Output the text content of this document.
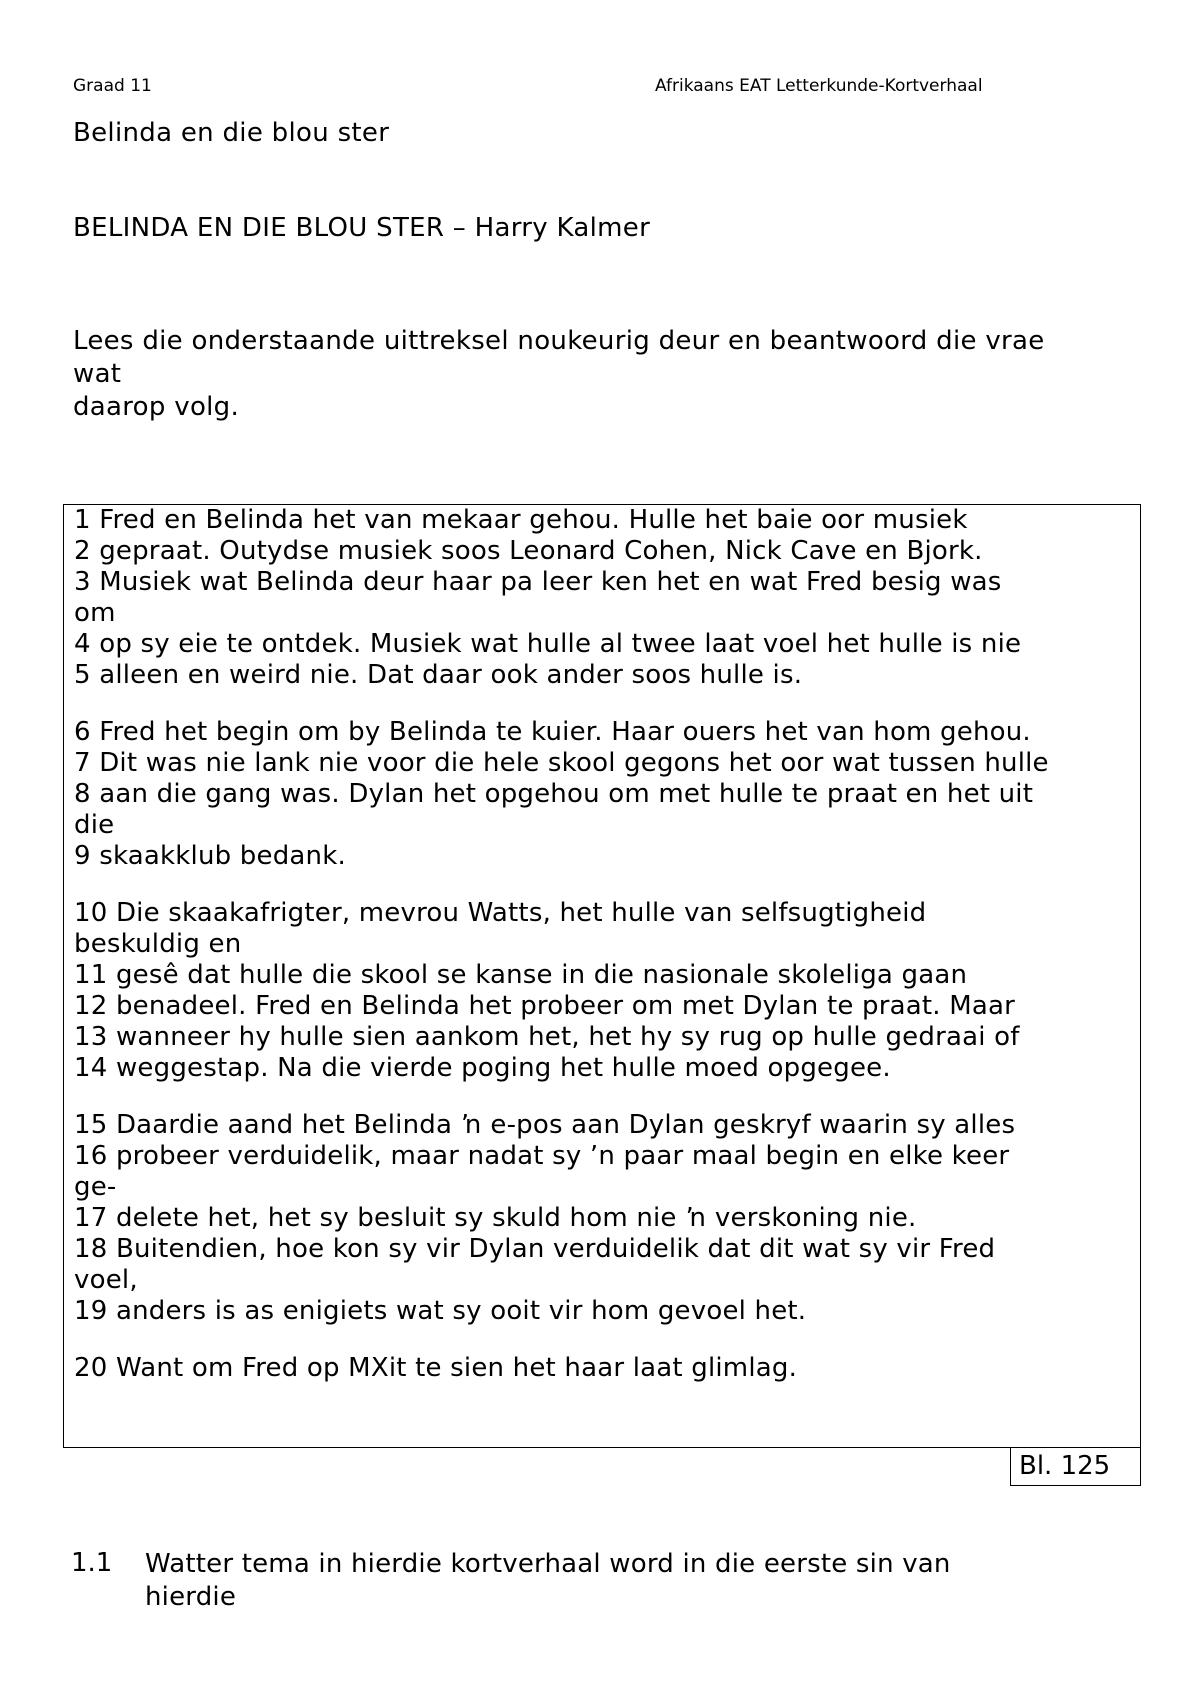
Graad 11	Afrikaans EAT Letterkunde-Kortverhaal
Belinda en die blou ster
BELINDA EN DIE BLOU STER – Harry Kalmer
Lees die onderstaande uittreksel noukeurig deur en beantwoord die vrae
wat
daarop volg.
1 Fred en Belinda het van mekaar gehou. Hulle het baie oor musiek
2 gepraat. Outydse musiek soos Leonard Cohen, Nick Cave en Bjork.
3 Musiek wat Belinda deur haar pa leer ken het en wat Fred besig was
om
4 op sy eie te ontdek. Musiek wat hulle al twee laat voel het hulle is nie
5 alleen en weird nie. Dat daar ook ander soos hulle is.
6 Fred het begin om by Belinda te kuier. Haar ouers het van hom gehou.
7 Dit was nie lank nie voor die hele skool gegons het oor wat tussen hulle
8 aan die gang was. Dylan het opgehou om met hulle te praat en het uit
die
9 skaakklub bedank.
10 Die skaakafrigter, mevrou Watts, het hulle van selfsugtigheid
beskuldig en
11 gesê dat hulle die skool se kanse in die nasionale skoleliga gaan
12 benadeel. Fred en Belinda het probeer om met Dylan te praat. Maar
13 wanneer hy hulle sien aankom het, het hy sy rug op hulle gedraai of
14 weggestap. Na die vierde poging het hulle moed opgegee.
15 Daardie aand het Belinda ŉ e-pos aan Dylan geskryf waarin sy alles
16 probeer verduidelik, maar nadat sy ’n paar maal begin en elke keer
ge-
17 delete het, het sy besluit sy skuld hom nie ŉ verskoning nie.
18 Buitendien, hoe kon sy vir Dylan verduidelik dat dit wat sy vir Fred
voel,
19 anders is as enigiets wat sy ooit vir hom gevoel het.
20 Want om Fred op MXit te sien het haar laat glimlag.
Bl. 125
1.1 Watter tema in hierdie kortverhaal word in die eerste sin van
hierdie
